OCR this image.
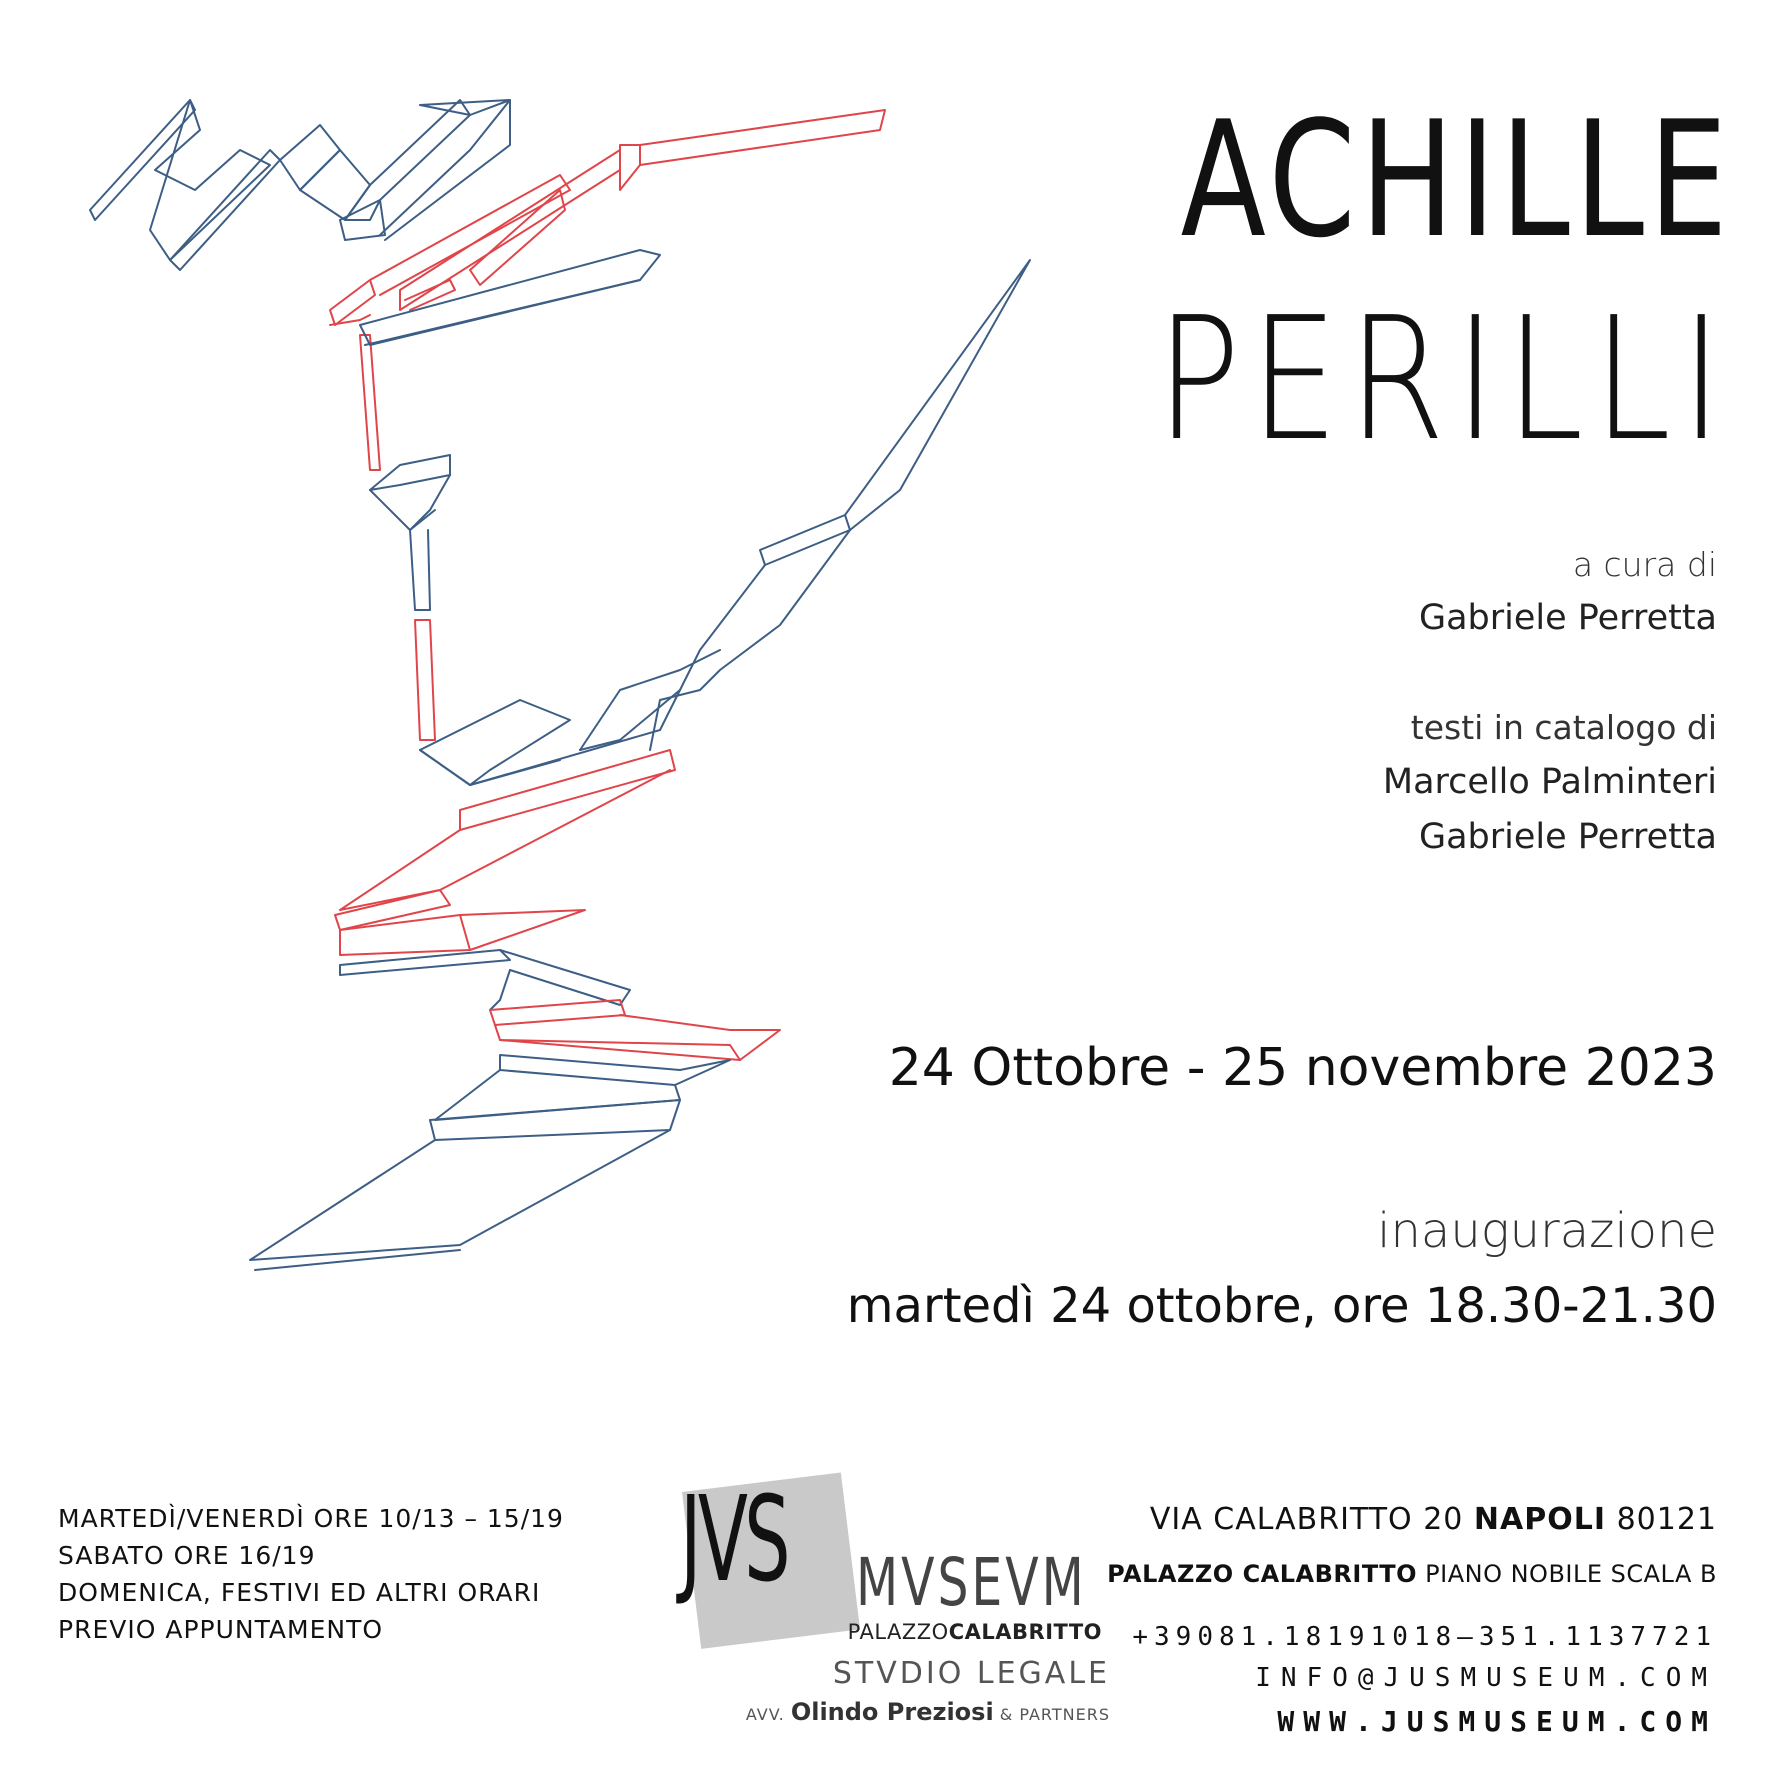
ACHILLE
PERILLI
a cura di
Gabriele Perretta
testi in catalogo di
Marcello Palminteri
Gabriele Perretta
24 Ottobre - 25 novembre 2023
inaugurazione
martedì 24 ottobre, ore 18.30-21.30
MARTEDÌ/VENERDÌ ORE 10/13 – 15/19
SABATO ORE 16/19
DOMENICA, FESTIVI ED ALTRI ORARI
PREVIO APPUNTAMENTO
JVS MVSEVM
PALAZZOCALABRITTO
STVDIO LEGALE
AVV. Olindo Preziosi & PARTNERS
VIA CALABRITTO 20 NAPOLI 80121
PALAZZO CALABRITTO PIANO NOBILE SCALA B
+39081.18191018–351.1137721
INFO@JUSMUSEUM.COM
WWW.JUSMUSEUM.COM
